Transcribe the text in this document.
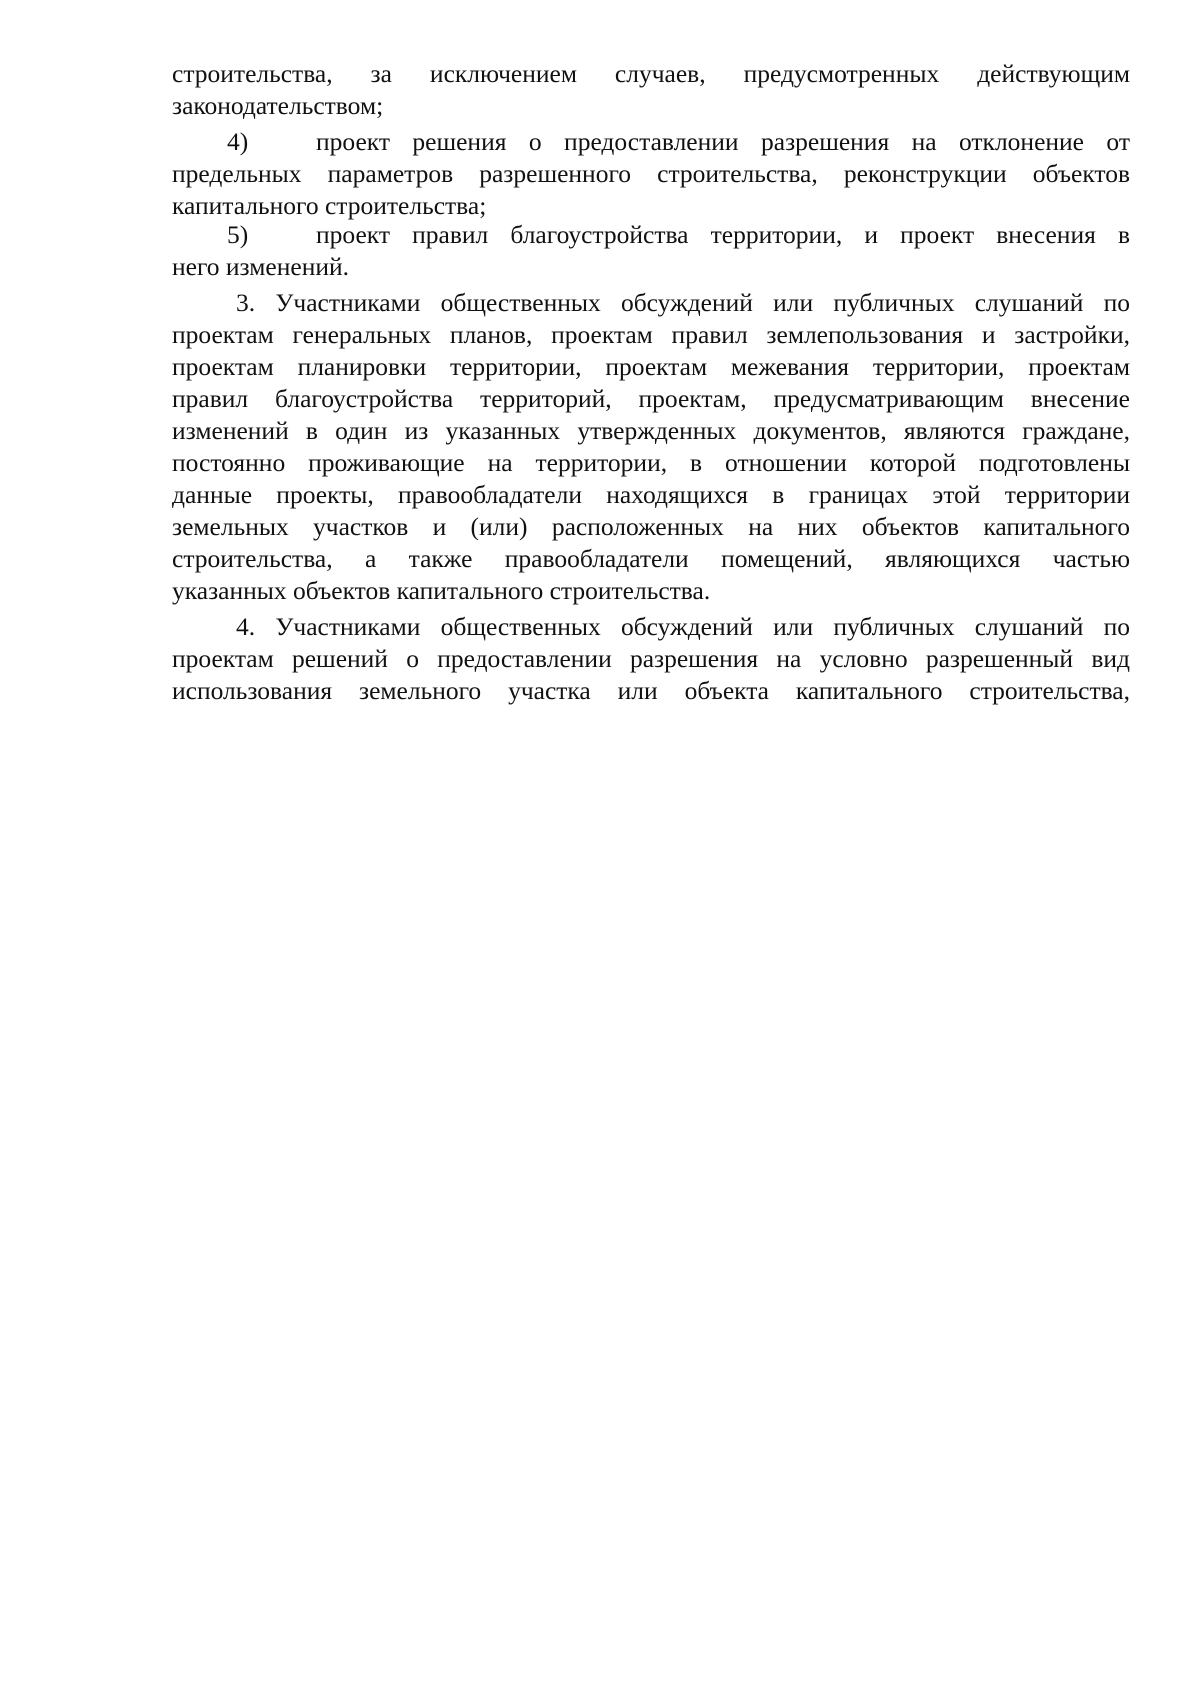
строительства, за исключением случаев, предусмотренных действующим
законодательством;
4)	проект решения о предоставлении разрешения на отклонение от
предельных параметров разрешенного строительства, реконструкции объектов
капитального строительства;
5)	проект правил благоустройства территории, и проект внесения в
него изменений.
3. Участниками общественных обсуждений или публичных слушаний по
проектам генеральных планов, проектам правил землепользования и застройки,
проектам планировки территории, проектам межевания территории, проектам
правил благоустройства территорий, проектам, предусматривающим внесение
изменений в один из указанных утвержденных документов, являются граждане,
постоянно проживающие на территории, в отношении которой подготовлены
данные проекты, правообладатели находящихся в границах этой территории
земельных участков и (или) расположенных на них объектов капитального
строительства, а также правообладатели помещений, являющихся частью
указанных объектов капитального строительства.
4. Участниками общественных обсуждений или публичных слушаний по
проектам решений о предоставлении разрешения на условно разрешенный вид
использования земельного участка или объекта капитального строительства,
